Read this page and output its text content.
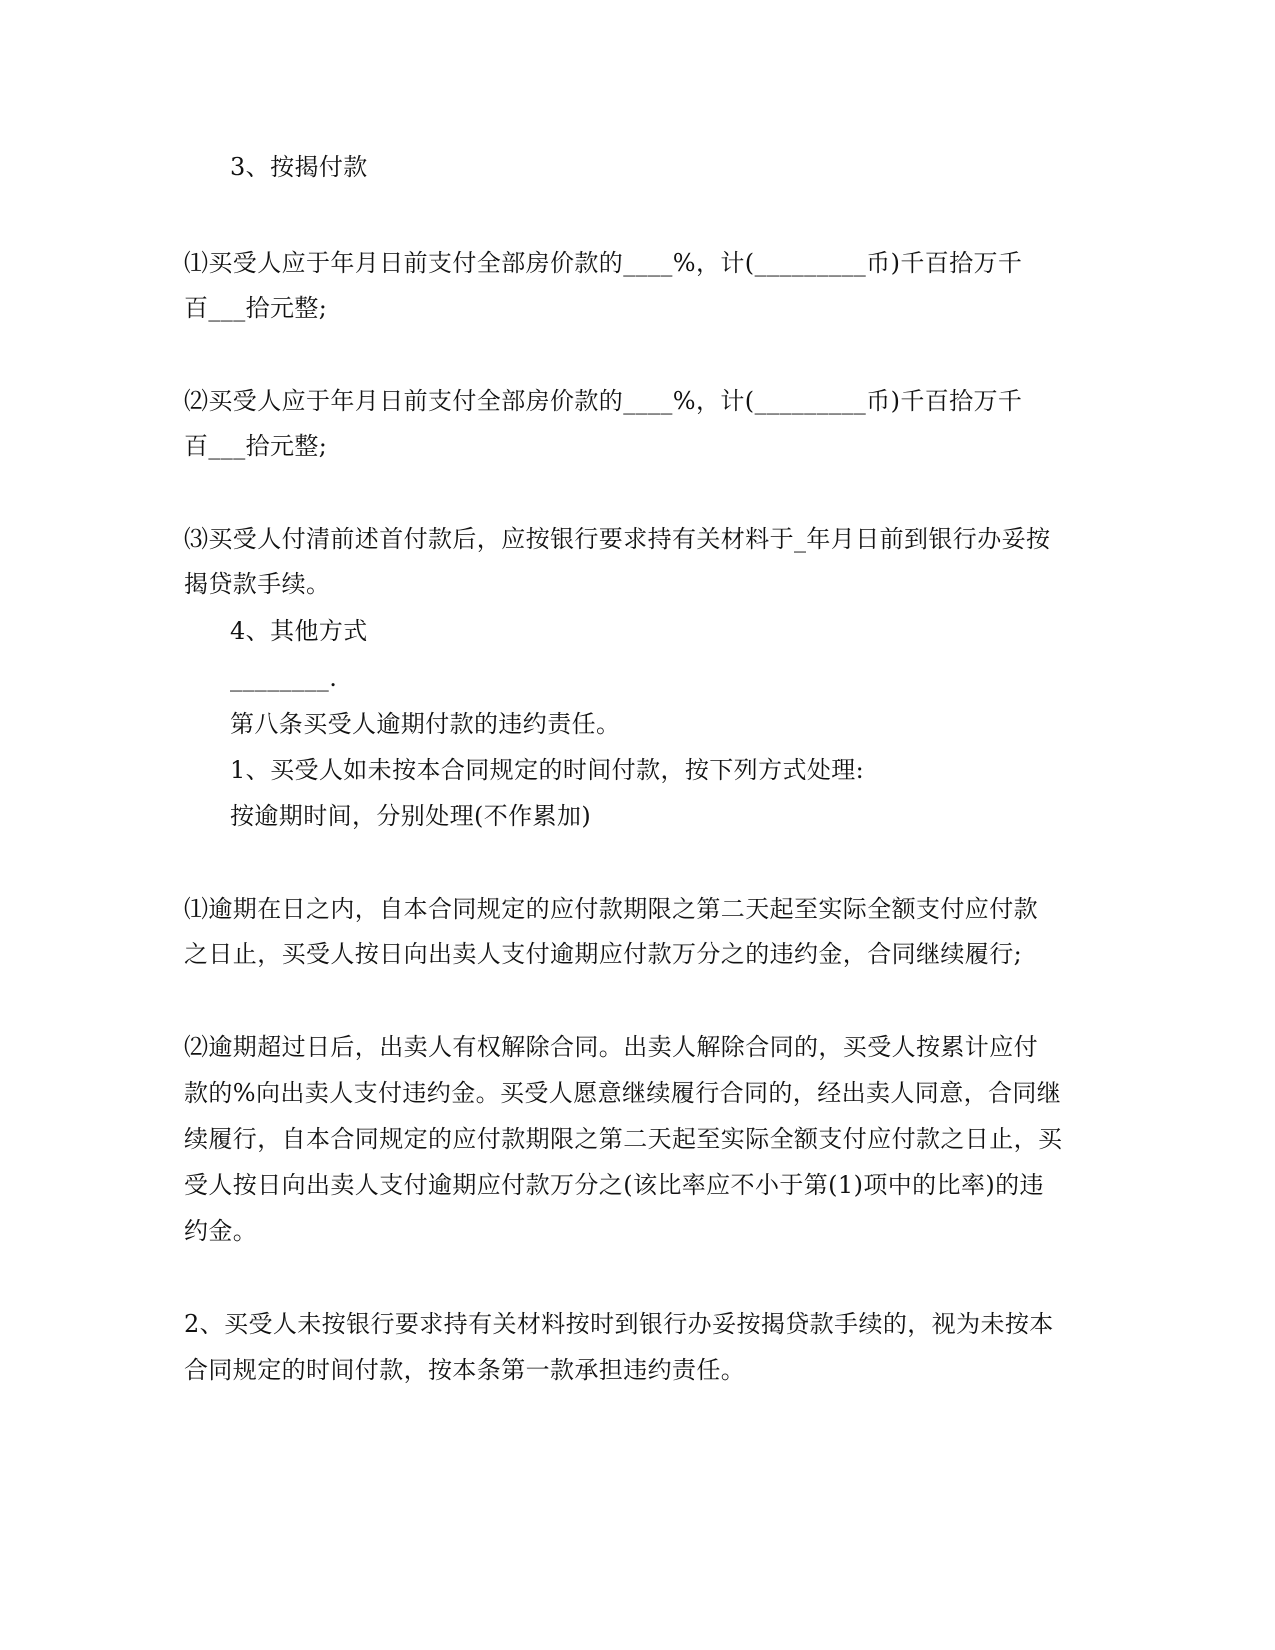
3、按揭付款
⑴买受人应于年月日前支付全部房价款的____%，计(_________币)千百拾万千
百___拾元整;
⑵买受人应于年月日前支付全部房价款的____%，计(_________币)千百拾万千
百___拾元整;
⑶买受人付清前述首付款后，应按银行要求持有关材料于_年月日前到银行办妥按
揭贷款手续。
4、其他方式
________.
第八条买受人逾期付款的违约责任。
1、买受人如未按本合同规定的时间付款，按下列方式处理:
按逾期时间，分别处理(不作累加)
⑴逾期在日之内，自本合同规定的应付款期限之第二天起至实际全额支付应付款
之日止，买受人按日向出卖人支付逾期应付款万分之的违约金，合同继续履行;
⑵逾期超过日后，出卖人有权解除合同。出卖人解除合同的，买受人按累计应付
款的%向出卖人支付违约金。买受人愿意继续履行合同的，经出卖人同意，合同继
续履行，自本合同规定的应付款期限之第二天起至实际全额支付应付款之日止，买
受人按日向出卖人支付逾期应付款万分之(该比率应不小于第(1)项中的比率)的违
约金。
2、买受人未按银行要求持有关材料按时到银行办妥按揭贷款手续的，视为未按本
合同规定的时间付款，按本条第一款承担违约责任。
